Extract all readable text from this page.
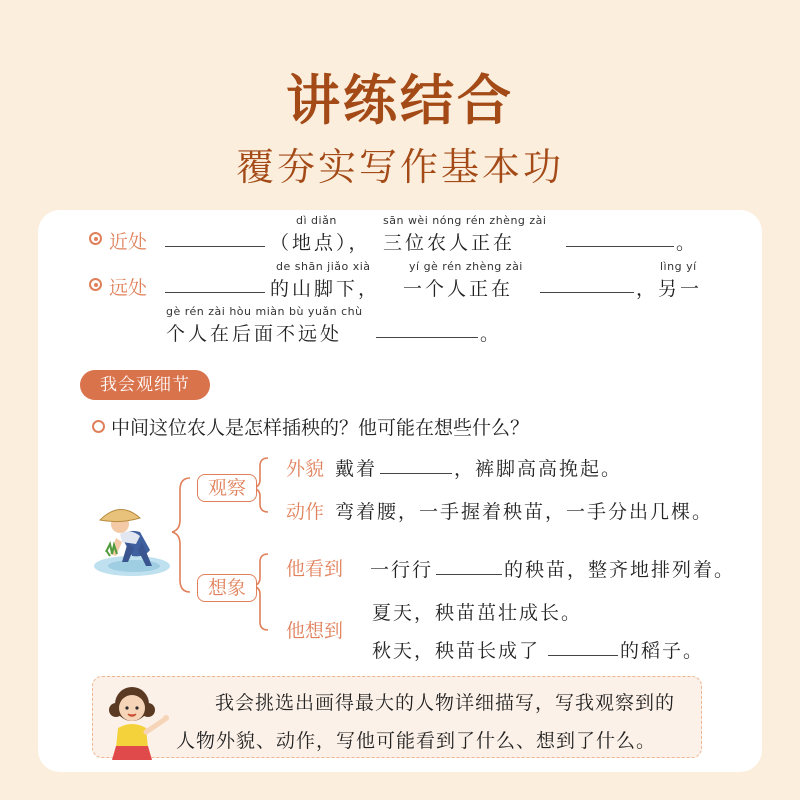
讲练结合
覆夯实写作基本功
近处
dì diǎn
（地点），
sān wèi nóng rén zhèng zài
三位农人正在	。
远处
de shān jiǎo xià
的山脚下，
yí gè rén zhèng zài
一个人正在
lìng yí
，另一
gè rén zài hòu miàn bù yuǎn chù
个人在后面不远处	。
我会观细节
中间这位农人是怎样插秧的？他可能在想些什么？
观察
外貌 戴着	，裤脚高高挽起。
动作 弯着腰，一手握着秧苗，一手分出几棵。
想象
他看到 一行行	的秧苗，整齐地排列着。
他想到
夏天，秧苗茁壮成长。
秋天，秧苗长成了	的稻子。
我会挑选出画得最大的人物详细描写，写我观察到的
人物外貌、动作，写他可能看到了什么、想到了什么。
